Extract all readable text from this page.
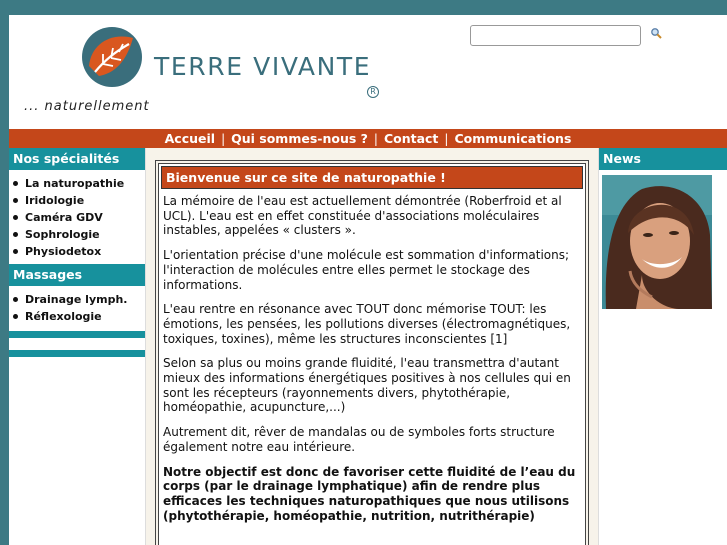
TERRE VIVANTE
R
... naturellement
Accueil | Qui sommes-nous ? | Contact | Communications
Nos spécialités
La naturopathie
Iridologie
Caméra GDV
Sophrologie
Physiodetox
Massages
Drainage lymph.
Réflexologie
Bienvenue sur ce site de naturopathie !

La mémoire de l'eau est actuellement démontrée (Roberfroid et al UCL). L'eau est en effet constituée d'associations moléculaires instables, appelées « clusters ».

L'orientation précise d'une molécule est sommation d'informations; l'interaction de molécules entre elles permet le stockage des informations.

L'eau rentre en résonance avec TOUT donc mémorise TOUT: les émotions, les pensées, les pollutions diverses (électromagnétiques, toxiques, toxines), même les structures inconscientes [1]

Selon sa plus ou moins grande fluidité, l'eau transmettra d'autant mieux des informations énergétiques positives à nos cellules qui en sont les récepteurs (rayonnements divers, phytothérapie, homéopathie, acupuncture,...)

Autrement dit, rêver de mandalas ou de symboles forts structure également notre eau intérieure.

Notre objectif est donc de favoriser cette fluidité de l’eau du corps (par le drainage lymphatique) afin de rendre plus efficaces les techniques naturopathiques que nous utilisons (phytothérapie, homéopathie, nutrition, nutrithérapie)

News
